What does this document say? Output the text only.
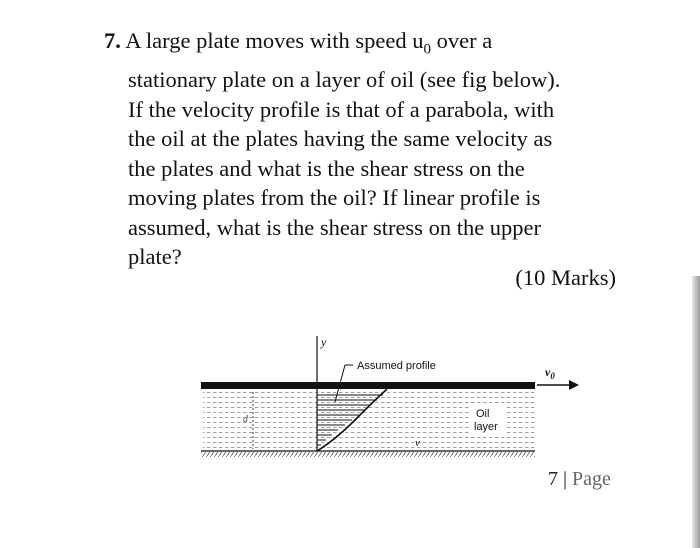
7. A large plate moves with speed $u_0$ over a
stationary plate on a layer of oil (see fig below).
If the velocity profile is that of a parabola, with
the oil at the plates having the same velocity as
the plates and what is the shear stress on the
moving plates from the oil? If linear profile is
assumed, what is the shear stress on the upper
plate?
(10 Marks)
y
Assumed profile
d
v
Oil
layer
$v_0$
7 | Page
